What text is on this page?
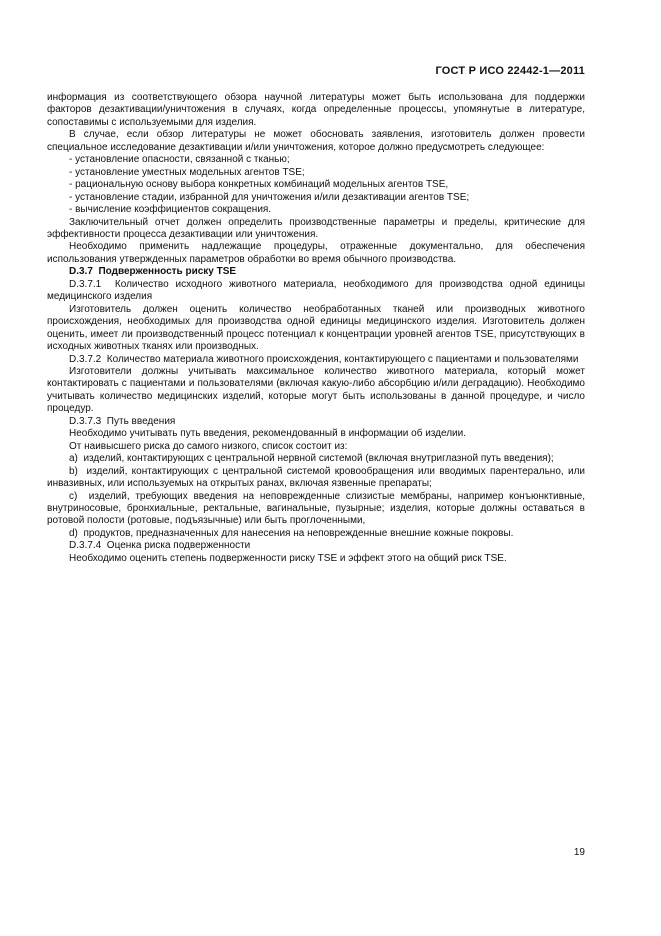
ГОСТ Р ИСО 22442-1—2011

информация из соответствующего обзора научной литературы может быть использована для поддержки факторов дезактивации/уничтожения в случаях, когда определенные процессы, упомянутые в литературе, сопоставимы с используемыми для изделия.

В случае, если обзор литературы не может обосновать заявления, изготовитель должен провести специальное исследование дезактивации и/или уничтожения, которое должно предусмотреть следующее:

- установление опасности, связанной с тканью;

- установление уместных модельных агентов TSE;

- рациональную основу выбора конкретных комбинаций модельных агентов TSE,

- установление стадии, избранной для уничтожения и/или дезактивации агентов TSE;

- вычисление коэффициентов сокращения.

Заключительный отчет должен определить производственные параметры и пределы, критические для эффективности процесса дезактивации или уничтожения.

Необходимо применить надлежащие процедуры, отраженные документально, для обеспечения использования утвержденных параметров обработки во время обычного производства.

D.3.7  Подверженность риску TSE

D.3.7.1  Количество исходного животного материала, необходимого для производства одной единицы медицинского изделия

Изготовитель должен оценить количество необработанных тканей или производных животного происхождения, необходимых для производства одной единицы медицинского изделия. Изготовитель должен оценить, имеет ли производственный процесс потенциал к концентрации уровней агентов TSE, присутствующих в исходных животных тканях или производных.

D.3.7.2  Количество материала животного происхождения, контактирующего с пациентами и пользователями

Изготовители должны учитывать максимальное количество животного материала, который может контактировать с пациентами и пользователями (включая какую-либо абсорбцию и/или деградацию). Необходимо учитывать количество медицинских изделий, которые могут быть использованы в данной процедуре, и число процедур.

D.3.7.3  Путь введения

Необходимо учитывать путь введения, рекомендованный в информации об изделии.

От наивысшего риска до самого низкого, список состоит из:

a)  изделий, контактирующих с центральной нервной системой (включая внутриглазной путь введения);

b)  изделий, контактирующих с центральной системой кровообращения или вводимых парентерально, или инвазивных, или используемых на открытых ранах, включая язвенные препараты;

c)  изделий, требующих введения на неповрежденные слизистые мембраны, например конъюнктивные, внутриносовые, бронхиальные, ректальные, вагинальные, пузырные; изделия, которые должны оставаться в ротовой полости (ротовые, подъязычные) или быть проглоченными,

d)  продуктов, предназначенных для нанесения на неповрежденные внешние кожные покровы.

D.3.7.4  Оценка риска подверженности

Необходимо оценить степень подверженности риску TSE и эффект этого на общий риск TSE.

19
